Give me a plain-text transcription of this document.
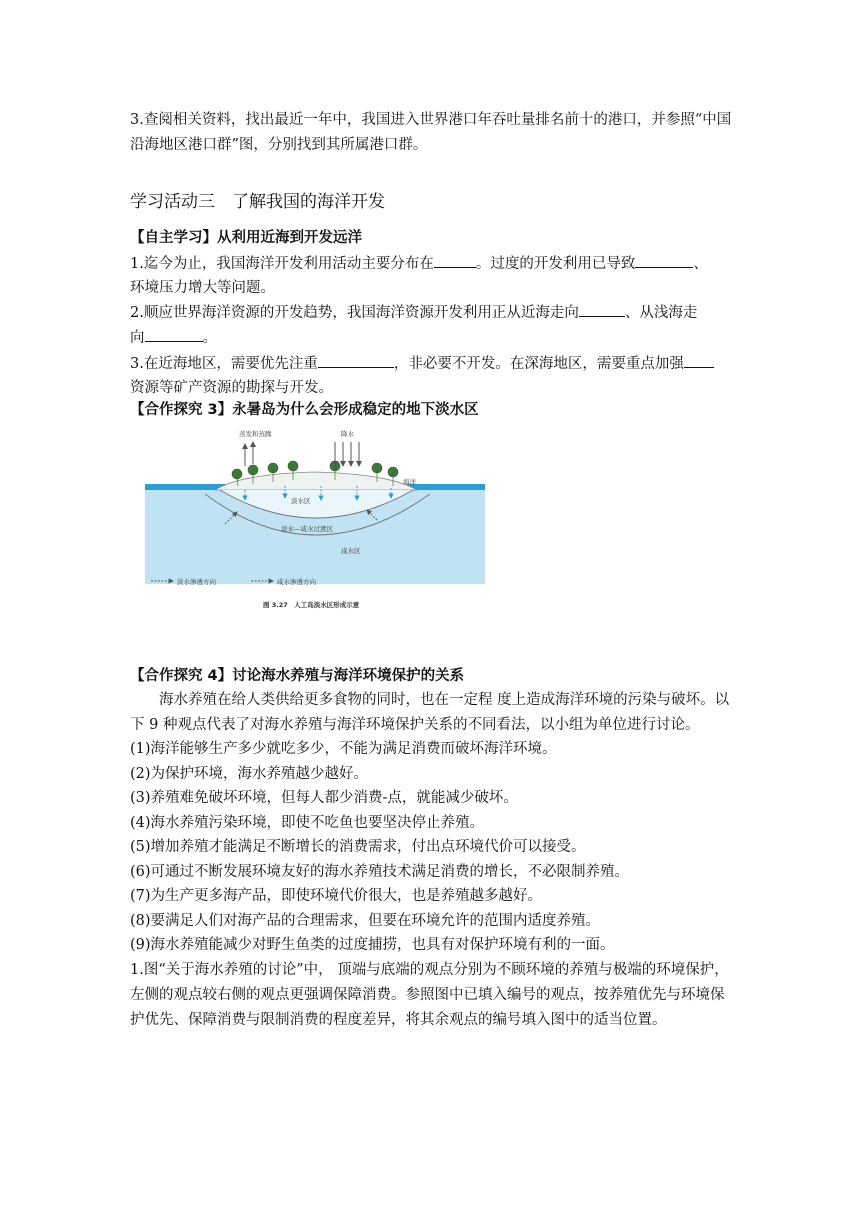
3.查阅相关资料，找出最近一年中，我国进入世界港口年吞吐量排名前十的港口，并参照“中国沿海地区港口群”图，分别找到其所属港口群。
学习活动三　了解我国的海洋开发
【自主学习】从利用近海到开发远洋
1.迄今为止，我国海洋开发利用活动主要分布在	。过度的开发利用已导致	、
环境压力增大等问题。
2.顺应世界海洋资源的开发趋势，我国海洋资源开发利用正从近海走向	、从浅海走
向	。
3.在近海地区，需要优先注重	，非必要不开发。在深海地区，需要重点加强
资源等矿产资源的勘探与开发。
【合作探究 3】永暑岛为什么会形成稳定的地下淡水区
蒸发和蒸腾	降水
海洋
淡水区
淡水—咸水过渡区
咸水区
淡水渗透方向	咸水渗透方向
图 3.27　人工岛淡水区形成示意
【合作探究 4】讨论海水养殖与海洋环境保护的关系
海水养殖在给人类供给更多食物的同时，也在一定程 度上造成海洋环境的污染与破坏。以下 9 种观点代表了对海水养殖与海洋环境保护关系的不同看法，以小组为单位进行讨论。
(1)海洋能够生产多少就吃多少，不能为满足消费而破坏海洋环境。
(2)为保护环境，海水养殖越少越好。
(3)养殖难免破坏环境，但每人都少消费-点，就能减少破坏。
(4)海水养殖污染环境，即使不吃鱼也要坚决停止养殖。
(5)增加养殖才能满足不断增长的消费需求，付出点环境代价可以接受。
(6)可通过不断发展环境友好的海水养殖技术满足消费的增长，不必限制养殖。
(7)为生产更多海产品，即使环境代价很大，也是养殖越多越好。
(8)要满足人们对海产品的合理需求，但要在环境允许的范围内适度养殖。
(9)海水养殖能减少对野生鱼类的过度捕捞，也具有对保护环境有利的一面。
1.图“关于海水养殖的讨论”中， 顶端与底端的观点分别为不顾环境的养殖与极端的环境保护，左侧的观点较右侧的观点更强调保障消费。参照图中已填入编号的观点，按养殖优先与环境保护优先、保障消费与限制消费的程度差异，将其余观点的编号填入图中的适当位置。
